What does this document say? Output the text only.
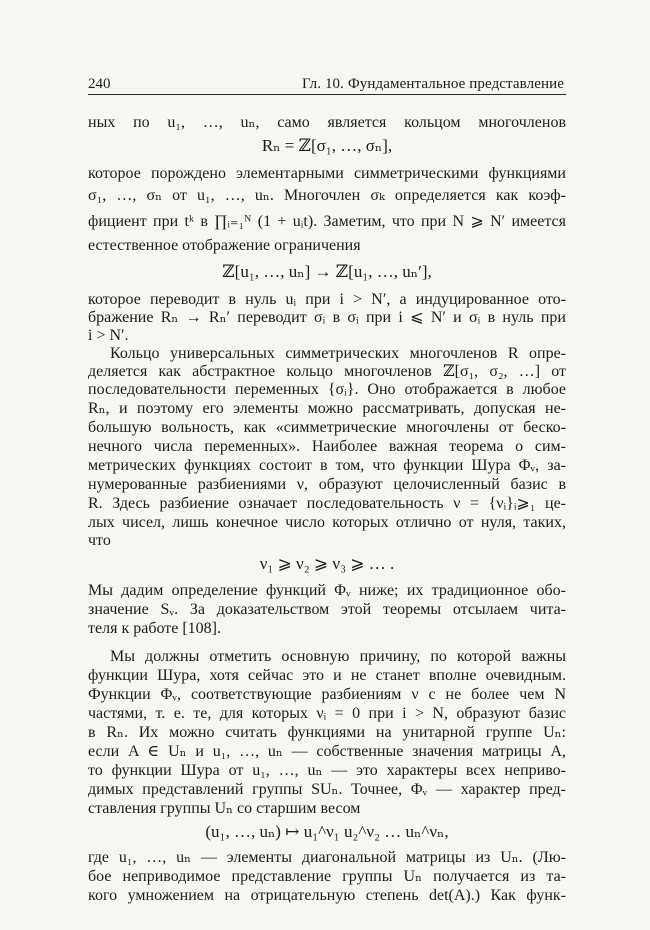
240	Гл. 10. Фундаментальное представление
ных по u₁, …, uₙ, само является кольцом многочленов
Rₙ = ℤ[σ₁, …, σₙ],
которое порождено элементарными симметрическими функциями
σ₁, …, σₙ от u₁, …, uₙ. Многочлен σₖ определяется как коэф-
фициент при tᵏ в ∏ᵢ₌₁ᴺ (1 + uᵢt). Заметим, что при N ⩾ N′ имеется
естественное отображение ограничения
ℤ[u₁, …, uₙ] → ℤ[u₁, …, uₙ′],
которое переводит в нуль uᵢ при i > N′, а индуцированное ото-
бражение Rₙ → Rₙ′ переводит σᵢ в σᵢ при i ⩽ N′ и σᵢ в нуль при
i > N′.
Кольцо универсальных симметрических многочленов R опре-
деляется как абстрактное кольцо многочленов ℤ[σ₁, σ₂, …] от
последовательности переменных {σᵢ}. Оно отображается в любое
Rₙ, и поэтому его элементы можно рассматривать, допуская не-
большую вольность, как «симметрические многочлены от беско-
нечного числа переменных». Наиболее важная теорема о сим-
метрических функциях состоит в том, что функции Шура Φᵥ, за-
нумерованные разбиениями ν, образуют целочисленный базис в
R. Здесь разбиение означает последовательность ν = {νᵢ}ᵢ⩾₁ це-
лых чисел, лишь конечное число которых отлично от нуля, таких,
что
ν₁ ⩾ ν₂ ⩾ ν₃ ⩾ … .
Мы дадим определение функций Φᵥ ниже; их традиционное обо-
значение Sᵥ. За доказательством этой теоремы отсылаем чита-
теля к работе [108].
Мы должны отметить основную причину, по которой важны
функции Шура, хотя сейчас это и не станет вполне очевидным.
Функции Φᵥ, соответствующие разбиениям ν с не более чем N
частями, т. е. те, для которых νᵢ = 0 при i > N, образуют базис
в Rₙ. Их можно считать функциями на унитарной группе Uₙ:
если A ∈ Uₙ и u₁, …, uₙ — собственные значения матрицы A,
то функции Шура от u₁, …, uₙ — это характеры всех неприво-
димых представлений группы SUₙ. Точнее, Φᵥ — характер пред-
ставления группы Uₙ со старшим весом
(u₁, …, uₙ) ↦ u₁^ν₁ u₂^ν₂ … uₙ^νₙ,
где u₁, …, uₙ — элементы диагональной матрицы из Uₙ. (Лю-
бое неприводимое представление группы Uₙ получается из та-
кого умножением на отрицательную степень det(A).) Как функ-
